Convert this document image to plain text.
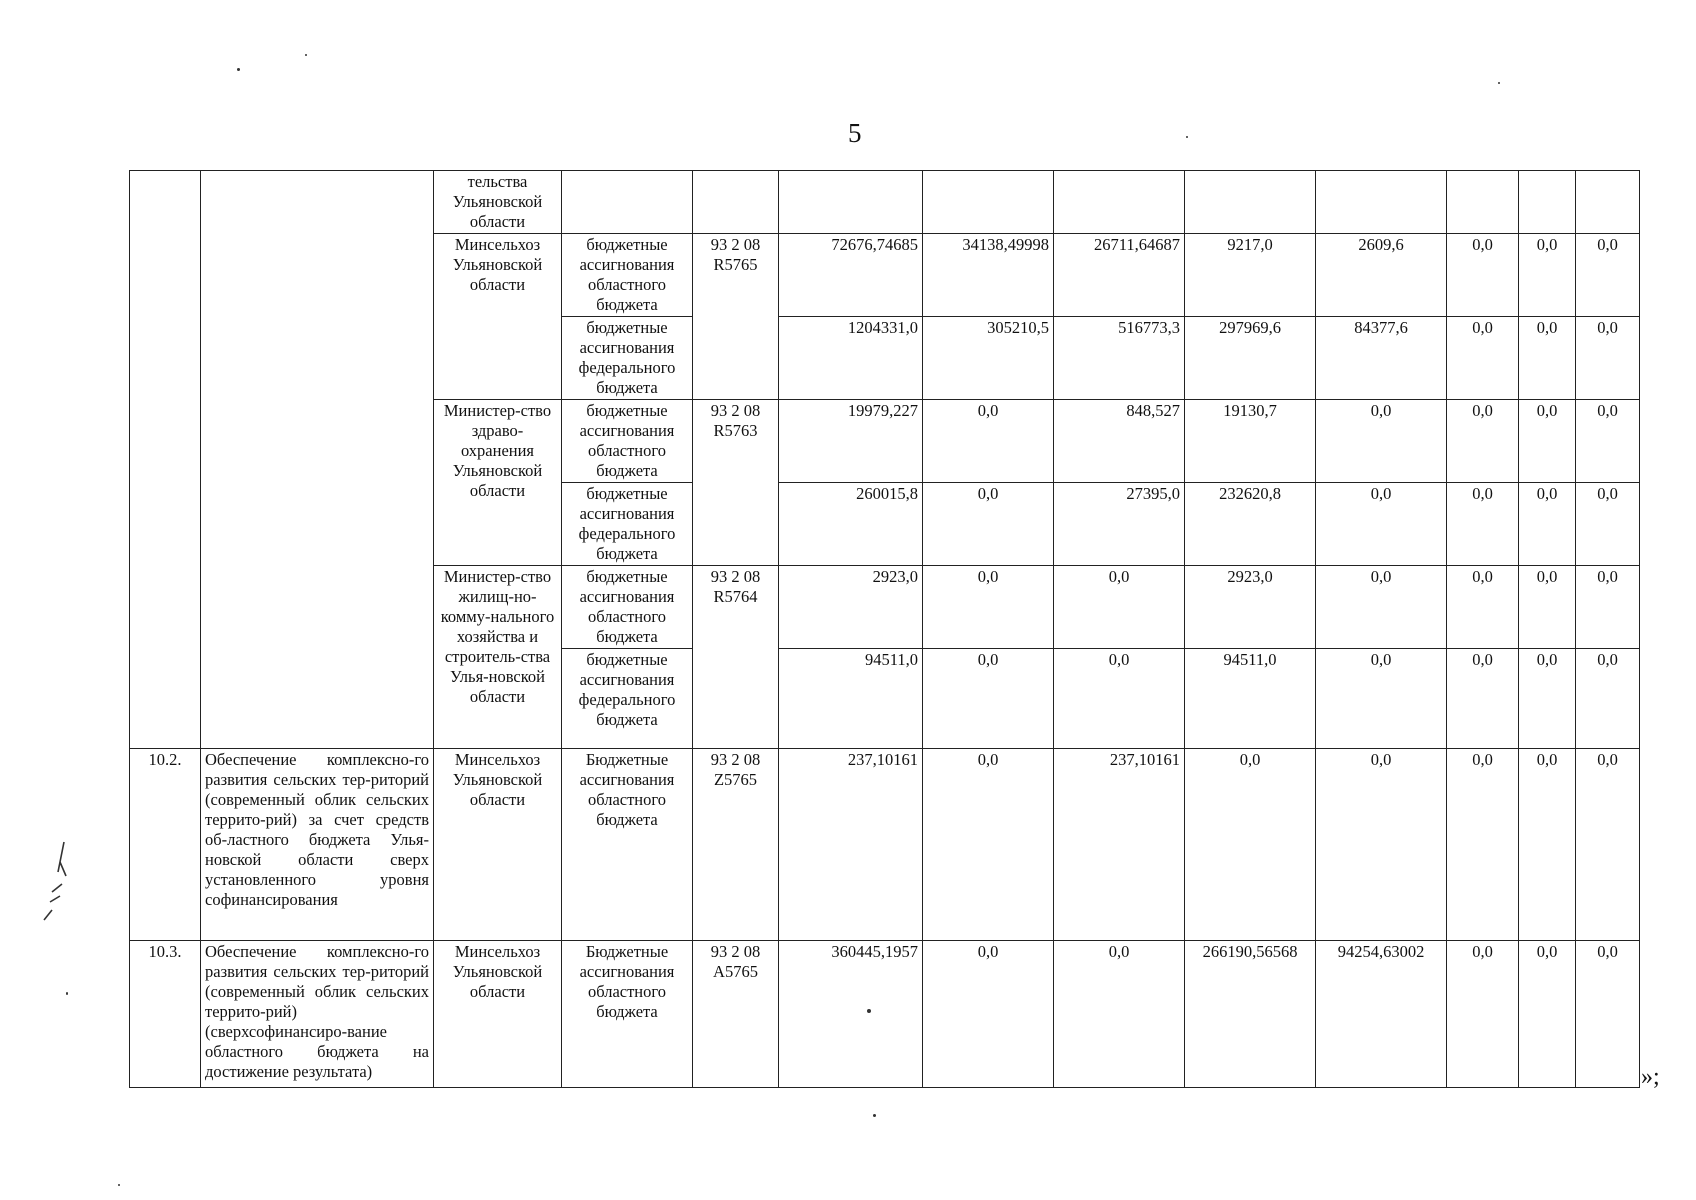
5
		тельства Ульяновской области										
		Минсельхоз Ульяновской области	бюджетные ассигнования областного бюджета	93 2 08 R5765	72676,74685	34138,49998	26711,64687	9217,0	2609,6	0,0	0,0	0,0
			бюджетные ассигнования федерального бюджета		1204331,0	305210,5	516773,3	297969,6	84377,6	0,0	0,0	0,0
		Министер-ство здраво-охранения Ульяновской области	бюджетные ассигнования областного бюджета	93 2 08 R5763	19979,227	0,0	848,527	19130,7	0,0	0,0	0,0	0,0
			бюджетные ассигнования федерального бюджета		260015,8	0,0	27395,0	232620,8	0,0	0,0	0,0	0,0
		Министер-ство жилищ-но-комму-нального хозяйства и строитель-ства Улья-новской области	бюджетные ассигнования областного бюджета	93 2 08 R5764	2923,0	0,0	0,0	2923,0	0,0	0,0	0,0	0,0
			бюджетные ассигнования федерального бюджета		94511,0	0,0	0,0	94511,0	0,0	0,0	0,0	0,0
10.2.	Обеспечение комплексно-го развития сельских тер-риторий (современный облик сельских террито-рий) за счет средств об-ластного бюджета Улья-новской области сверх установленного уровня софинансирования	Минсельхоз Ульяновской области	Бюджетные ассигнования областного бюджета	93 2 08 Z5765	237,10161	0,0	237,10161	0,0	0,0	0,0	0,0	0,0
10.3.	Обеспечение комплексно-го развития сельских тер-риторий (современный облик сельских террито-рий) (сверхсофинансиро-вание областного бюджета на достижение результата)	Минсельхоз Ульяновской области	Бюджетные ассигнования областного бюджета	93 2 08 A5765	360445,1957	0,0	0,0	266190,56568	94254,63002	0,0	0,0	0,0
»;
